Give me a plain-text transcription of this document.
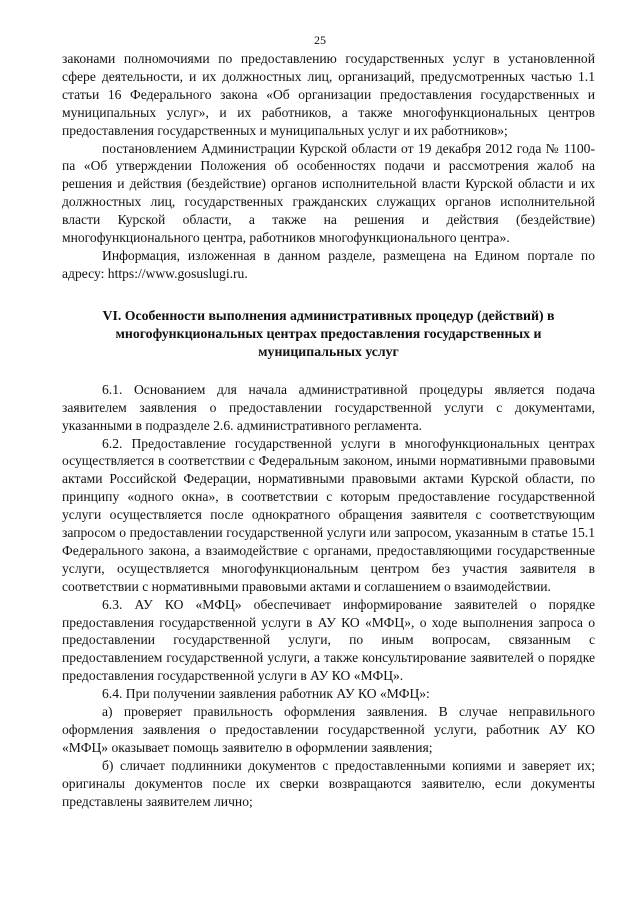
25

законами полномочиями по предоставлению государственных услуг в установленной сфере деятельности, и их должностных лиц, организаций, предусмотренных частью 1.1 статьи 16 Федерального закона «Об организации предоставления государственных и муниципальных услуг», и их работников, а также многофункциональных центров предоставления государственных и муниципальных услуг и их работников»;

постановлением Администрации Курской области от 19 декабря 2012 года № 1100-па «Об утверждении Положения об особенностях подачи и рассмотрения жалоб на решения и действия (бездействие) органов исполнительной власти Курской области и их должностных лиц, государственных гражданских служащих органов исполнительной власти Курской области, а также на решения и действия (бездействие) многофункционального центра, работников многофункционального центра».

Информация, изложенная в данном разделе, размещена на Едином портале по адресу: https://www.gosuslugi.ru.

VI. Особенности выполнения административных процедур (действий) в многофункциональных центрах предоставления государственных и муниципальных услуг

6.1. Основанием для начала административной процедуры является подача заявителем заявления о предоставлении государственной услуги с документами, указанными в подразделе 2.6. административного регламента.

6.2. Предоставление государственной услуги в многофункциональных центрах осуществляется в соответствии с Федеральным законом, иными нормативными правовыми актами Российской Федерации, нормативными правовыми актами Курской области, по принципу «одного окна», в соответствии с которым предоставление государственной услуги осуществляется после однократного обращения заявителя с соответствующим запросом о предоставлении государственной услуги или запросом, указанным в статье 15.1 Федерального закона, а взаимодействие с органами, предоставляющими государственные услуги, осуществляется многофункциональным центром без участия заявителя в соответствии с нормативными правовыми актами и соглашением о взаимодействии.

6.3. АУ КО «МФЦ» обеспечивает информирование заявителей о порядке предоставления государственной услуги в АУ КО «МФЦ», о ходе выполнения запроса о предоставлении государственной услуги, по иным вопросам, связанным с предоставлением государственной услуги, а также консультирование заявителей о порядке предоставления государственной услуги в АУ КО «МФЦ».

6.4. При получении заявления работник АУ КО «МФЦ»:

а) проверяет правильность оформления заявления. В случае неправильного оформления заявления о предоставлении государственной услуги, работник АУ КО «МФЦ» оказывает помощь заявителю в оформлении заявления;

б) сличает подлинники документов с предоставленными копиями и заверяет их; оригиналы документов после их сверки возвращаются заявителю, если документы представлены заявителем лично;
